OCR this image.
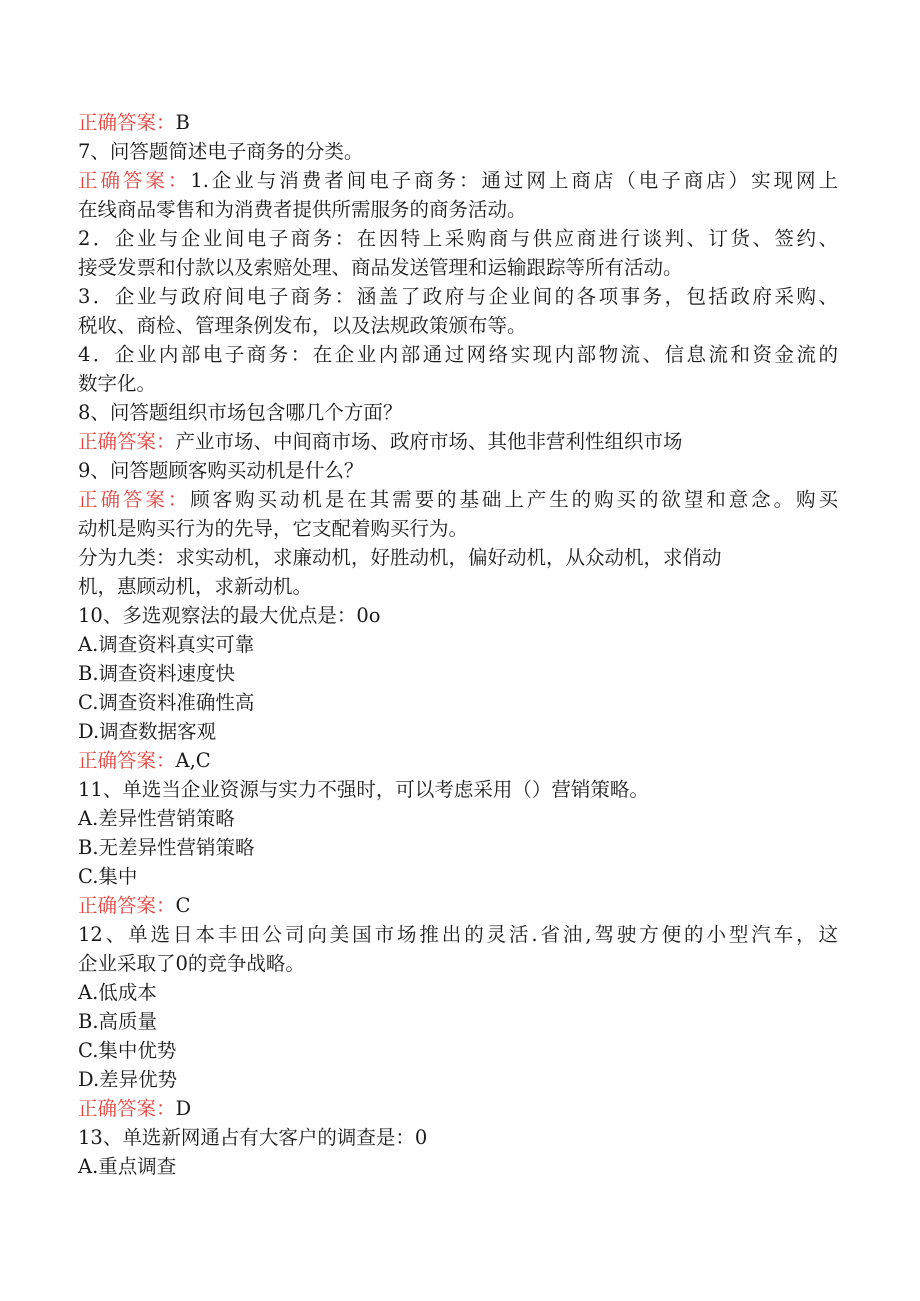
正确答案：B
7、问答题简述电子商务的分类。
正确答案：1.企业与消费者间电子商务：通过网上商店（电子商店）实现网上
在线商品零售和为消费者提供所需服务的商务活动。
2．企业与企业间电子商务：在因特上采购商与供应商进行谈判、订货、签约、
接受发票和付款以及索赔处理、商品发送管理和运输跟踪等所有活动。
3．企业与政府间电子商务：涵盖了政府与企业间的各项事务，包括政府采购、
税收、商检、管理条例发布，以及法规政策颁布等。
4．企业内部电子商务：在企业内部通过网络实现内部物流、信息流和资金流的
数字化。
8、问答题组织市场包含哪几个方面？
正确答案：产业市场、中间商市场、政府市场、其他非营利性组织市场
9、问答题顾客购买动机是什么？
正确答案：顾客购买动机是在其需要的基础上产生的购买的欲望和意念。购买
动机是购买行为的先导，它支配着购买行为。
分为九类：求实动机，求廉动机，好胜动机，偏好动机，从众动机，求俏动
机，惠顾动机，求新动机。
10、多选观察法的最大优点是：0o
A.调查资料真实可靠
B.调查资料速度快
C.调查资料准确性高
D.调查数据客观
正确答案：A,C
11、单选当企业资源与实力不强时，可以考虑采用（）营销策略。
A.差异性营销策略
B.无差异性营销策略
C.集中
正确答案：C
12、单选日本丰田公司向美国市场推出的灵活.省油,驾驶方便的小型汽车，这
企业采取了0的竞争战略。
A.低成本
B.高质量
C.集中优势
D.差异优势
正确答案：D
13、单选新网通占有大客户的调查是：0
A.重点调查
